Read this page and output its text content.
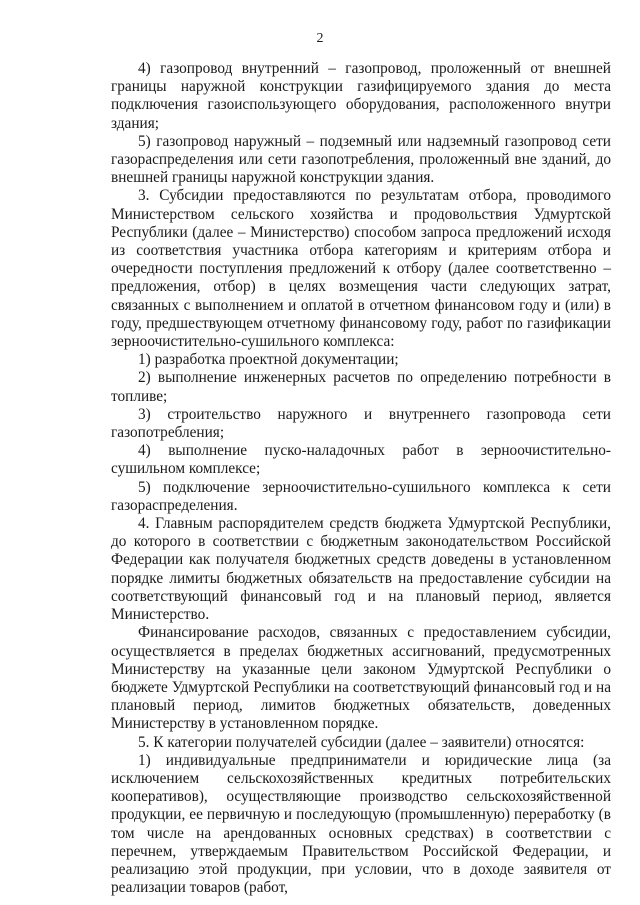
2

4) газопровод внутренний – газопровод, проложенный от внешней границы наружной конструкции газифицируемого здания до места подключения газоиспользующего оборудования, расположенного внутри здания;

5) газопровод наружный – подземный или надземный газопровод сети газораспределения или сети газопотребления, проложенный вне зданий, до внешней границы наружной конструкции здания.

3. Субсидии предоставляются по результатам отбора, проводимого Министерством сельского хозяйства и продовольствия Удмуртской Республики (далее – Министерство) способом запроса предложений исходя из соответствия участника отбора категориям и критериям отбора и очередности поступления предложений к отбору (далее соответственно – предложения, отбор) в целях возмещения части следующих затрат, связанных с выполнением и оплатой в отчетном финансовом году и (или) в году, предшествующем отчетному финансовому году, работ по газификации зерноочистительно-сушильного комплекса:

1) разработка проектной документации;

2) выполнение инженерных расчетов по определению потребности в топливе;

3) строительство наружного и внутреннего газопровода сети газопотребления;

4) выполнение пуско-наладочных работ в зерноочистительно-сушильном комплексе;

5) подключение зерноочистительно-сушильного комплекса к сети газораспределения.

4. Главным распорядителем средств бюджета Удмуртской Республики, до которого в соответствии с бюджетным законодательством Российской Федерации как получателя бюджетных средств доведены в установленном порядке лимиты бюджетных обязательств на предоставление субсидии на соответствующий финансовый год и на плановый период, является Министерство.

Финансирование расходов, связанных с предоставлением субсидии, осуществляется в пределах бюджетных ассигнований, предусмотренных Министерству на указанные цели законом Удмуртской Республики о бюджете Удмуртской Республики на соответствующий финансовый год и на плановый период, лимитов бюджетных обязательств, доведенных Министерству в установленном порядке.

5. К категории получателей субсидии (далее – заявители) относятся:

1) индивидуальные предприниматели и юридические лица (за исключением сельскохозяйственных кредитных потребительских кооперативов), осуществляющие производство сельскохозяйственной продукции, ее первичную и последующую (промышленную) переработку (в том числе на арендованных основных средствах) в соответствии с перечнем, утверждаемым Правительством Российской Федерации, и реализацию этой продукции, при условии, что в доходе заявителя от реализации товаров (работ,
